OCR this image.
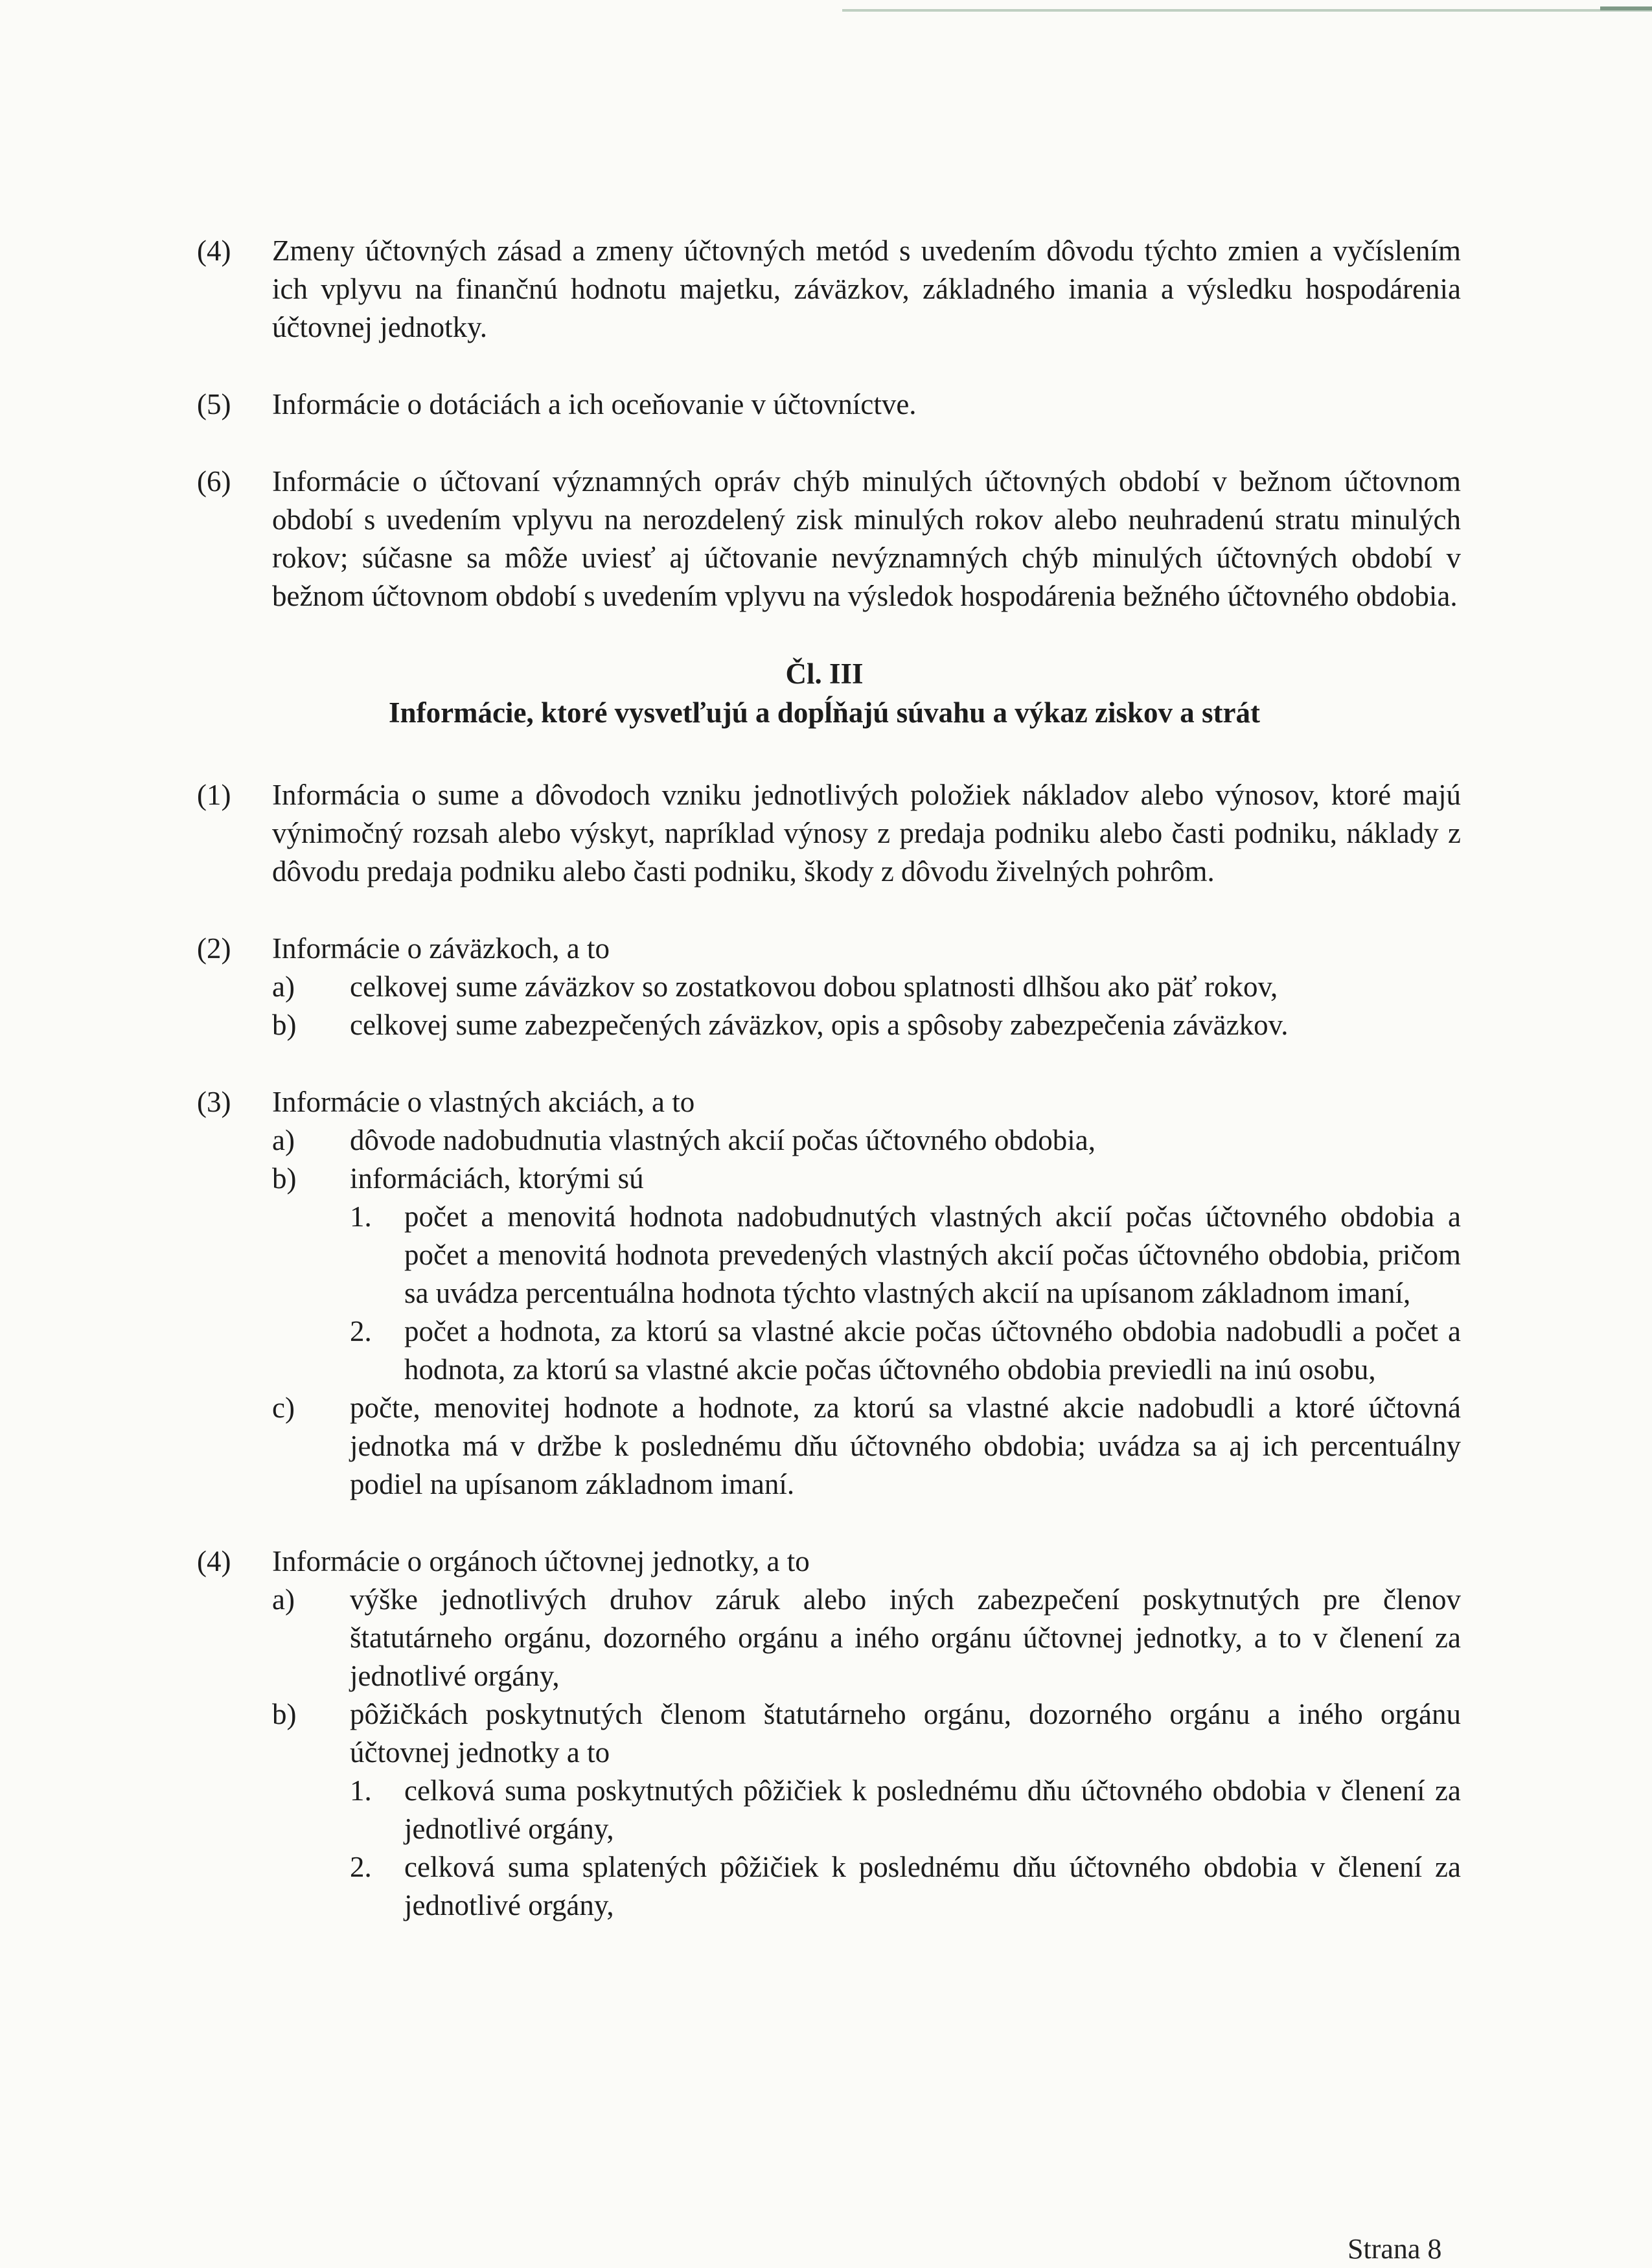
(4) Zmeny účtovných zásad a zmeny účtovných metód s uvedením dôvodu týchto zmien a vyčíslením ich vplyvu na finančnú hodnotu majetku, záväzkov, základného imania a výsledku hospodárenia účtovnej jednotky.
(5) Informácie o dotáciách a ich oceňovanie v účtovníctve.
(6) Informácie o účtovaní významných opráv chýb minulých účtovných období v bežnom účtovnom období s uvedením vplyvu na nerozdelený zisk minulých rokov alebo neuhradenú stratu minulých rokov; súčasne sa môže uviesť aj účtovanie nevýznamných chýb minulých účtovných období v bežnom účtovnom období s uvedením vplyvu na výsledok hospodárenia bežného účtovného obdobia.
Čl. III
Informácie, ktoré vysvetľujú a dopĺňajú súvahu a výkaz ziskov a strát
(1) Informácia o sume a dôvodoch vzniku jednotlivých položiek nákladov alebo výnosov, ktoré majú výnimočný rozsah alebo výskyt, napríklad výnosy z predaja podniku alebo časti podniku, náklady z dôvodu predaja podniku alebo časti podniku, škody z dôvodu živelných pohrôm.
(2) Informácie o záväzkoch, a to
a) celkovej sume záväzkov so zostatkovou dobou splatnosti dlhšou ako päť rokov,
b) celkovej sume zabezpečených záväzkov, opis a spôsoby zabezpečenia záväzkov.
(3) Informácie o vlastných akciách, a to
a) dôvode nadobudnutia vlastných akcií počas účtovného obdobia,
b) informáciách, ktorými sú
1. počet a menovitá hodnota nadobudnutých vlastných akcií počas účtovného obdobia a počet a menovitá hodnota prevedených vlastných akcií počas účtovného obdobia, pričom sa uvádza percentuálna hodnota týchto vlastných akcií na upísanom základnom imaní,
2. počet a hodnota, za ktorú sa vlastné akcie počas účtovného obdobia nadobudli a počet a hodnota, za ktorú sa vlastné akcie počas účtovného obdobia previedli na inú osobu,
c) počte, menovitej hodnote a hodnote, za ktorú sa vlastné akcie nadobudli a ktoré účtovná jednotka má v držbe k poslednému dňu účtovného obdobia; uvádza sa aj ich percentuálny podiel na upísanom základnom imaní.
(4) Informácie o orgánoch účtovnej jednotky, a to
a) výške jednotlivých druhov záruk alebo iných zabezpečení poskytnutých pre členov štatutárneho orgánu, dozorného orgánu a iného orgánu účtovnej jednotky, a to v členení za jednotlivé orgány,
b) pôžičkách poskytnutých členom štatutárneho orgánu, dozorného orgánu a iného orgánu účtovnej jednotky a to
1. celková suma poskytnutých pôžičiek k poslednému dňu účtovného obdobia v členení za jednotlivé orgány,
2. celková suma splatených pôžičiek k poslednému dňu účtovného obdobia v členení za jednotlivé orgány,
Strana 8
